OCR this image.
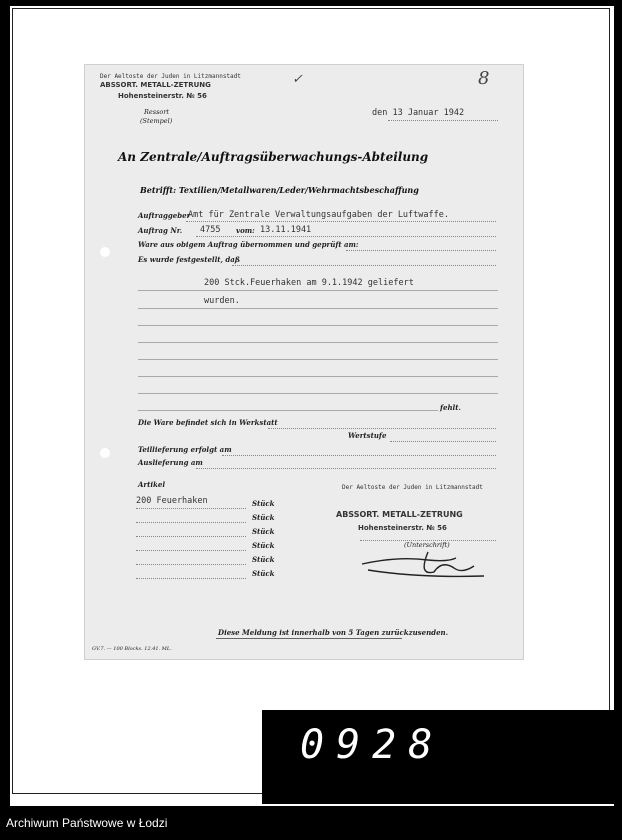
Der Aeltoste der Juden in Litzmannstadt
ABSSORT. METALL-ZETRUNG
Hohensteinerstr. № 56
✓	8
Ressort
(Stempel)
den 13 Januar 1942
An Zentrale/Auftragsüberwachungs-Abteilung
Betrifft: Textilien/Metallwaren/Leder/Wehrmachtsbeschaffung
Auftraggeber
Amt für Zentrale Verwaltungsaufgaben der Luftwaffe.
Auftrag Nr. 4755 vom: 13.11.1941
Ware aus obigem Auftrag übernommen und geprüft am:
Es wurde festgestellt, daß
200 Stck.Feuerhaken am 9.1.1942 geliefert
wurden.
fehlt.
Die Ware befindet sich in Werkstatt
Wertstufe
Teillieferung erfolgt am
Auslieferung am
Artikel
200 Feuerhaken	Stück
Stück
Stück
Stück
Stück
Stück
Der Aeltoste der Juden in Litzmannstadt
ABSSORT. METALL-ZETRUNG
Hohensteinerstr. № 56
(Unterschrift)
Diese Meldung ist innerhalb von 5 Tagen zurückzusenden.
GV.7. — 100 Blocks. 12.41. ML.
0928
Archiwum Państwowe w Łodzi
